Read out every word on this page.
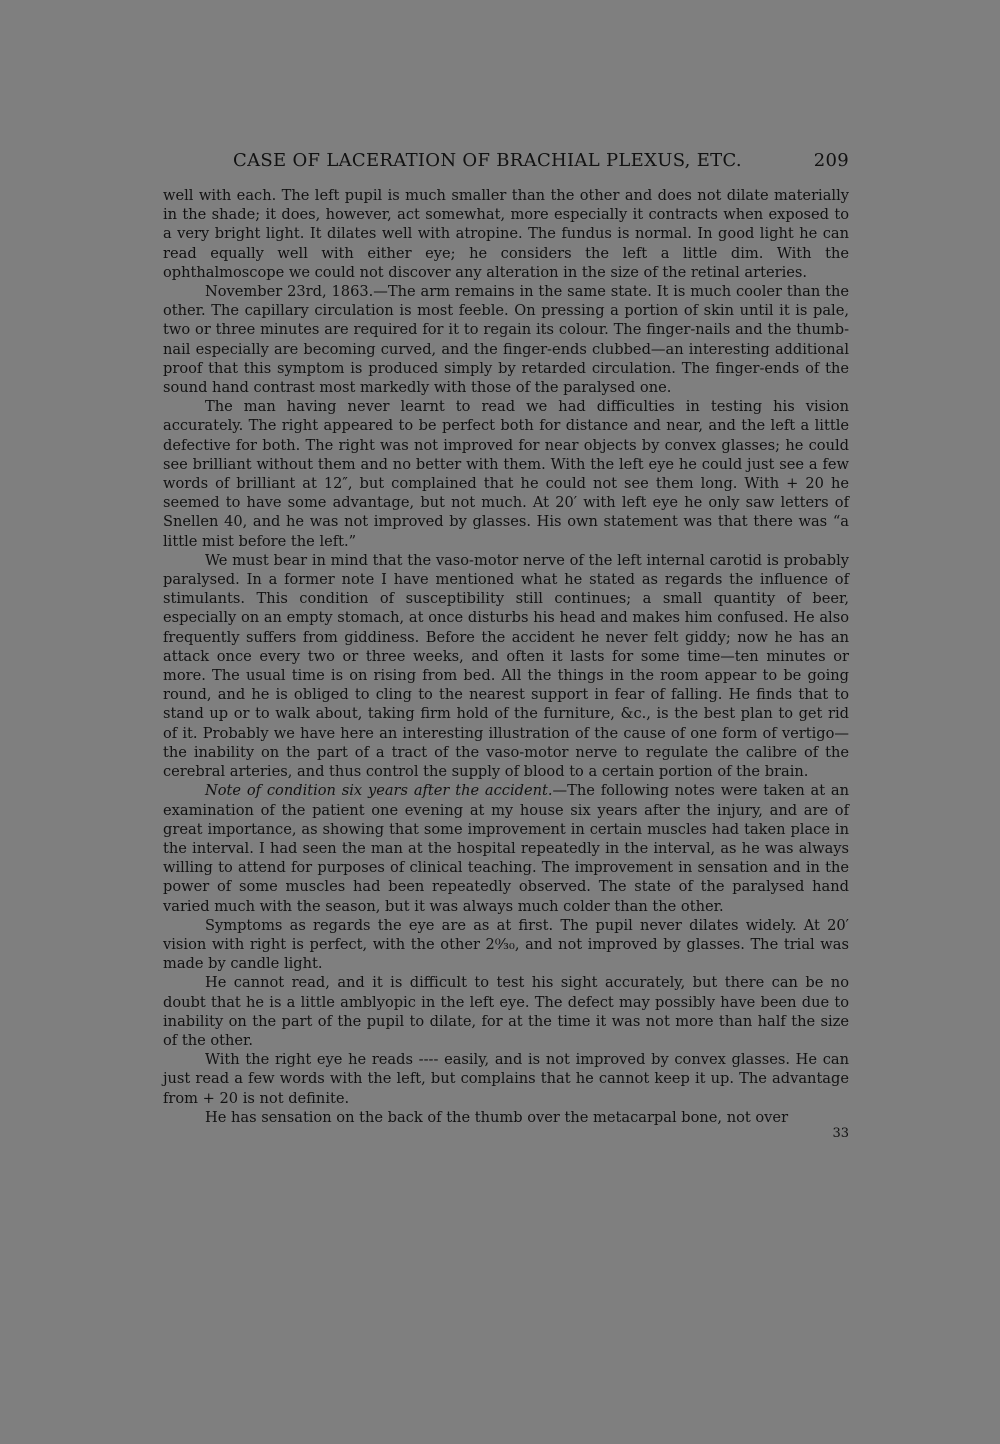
CASE OF LACERATION OF BRACHIAL PLEXUS, ETC.	209

well with each. The left pupil is much smaller than the other and does not dilate materially in the shade; it does, however, act somewhat, more especially it contracts when exposed to a very bright light. It dilates well with atropine. The fundus is normal. In good light he can read equally well with either eye; he considers the left a little dim. With the ophthalmoscope we could not discover any alteration in the size of the retinal arteries.

November 23rd, 1863.—The arm remains in the same state. It is much cooler than the other. The capillary circulation is most feeble. On pressing a portion of skin until it is pale, two or three minutes are required for it to regain its colour. The finger-nails and the thumb-nail especially are becoming curved, and the finger-ends clubbed—an interesting additional proof that this symptom is produced simply by retarded circulation. The finger-ends of the sound hand contrast most markedly with those of the paralysed one.

The man having never learnt to read we had difficulties in testing his vision accurately. The right appeared to be perfect both for distance and near, and the left a little defective for both. The right was not improved for near objects by convex glasses; he could see brilliant without them and no better with them. With the left eye he could just see a few words of brilliant at 12″, but complained that he could not see them long. With + 20 he seemed to have some advantage, but not much. At 20′ with left eye he only saw letters of Snellen 40, and he was not improved by glasses. His own statement was that there was “a little mist before the left.”

We must bear in mind that the vaso-motor nerve of the left internal carotid is probably paralysed. In a former note I have mentioned what he stated as regards the influence of stimulants. This condition of susceptibility still continues; a small quantity of beer, especially on an empty stomach, at once disturbs his head and makes him confused. He also frequently suffers from giddiness. Before the accident he never felt giddy; now he has an attack once every two or three weeks, and often it lasts for some time—ten minutes or more. The usual time is on rising from bed. All the things in the room appear to be going round, and he is obliged to cling to the nearest support in fear of falling. He finds that to stand up or to walk about, taking firm hold of the furniture, &c., is the best plan to get rid of it. Probably we have here an interesting illustration of the cause of one form of vertigo—the inability on the part of a tract of the vaso-motor nerve to regulate the calibre of the cerebral arteries, and thus control the supply of blood to a certain portion of the brain.

Note of condition six years after the accident.—The following notes were taken at an examination of the patient one evening at my house six years after the injury, and are of great importance, as showing that some improvement in certain muscles had taken place in the interval. I had seen the man at the hospital repeatedly in the interval, as he was always willing to attend for purposes of clinical teaching. The improvement in sensation and in the power of some muscles had been repeatedly observed. The state of the paralysed hand varied much with the season, but it was always much colder than the other.

Symptoms as regards the eye are as at first. The pupil never dilates widely. At 20′ vision with right is perfect, with the other 2⁰⁄₃₀, and not improved by glasses. The trial was made by candle light.

He cannot read, and it is difficult to test his sight accurately, but there can be no doubt that he is a little amblyopic in the left eye. The defect may possibly have been due to inability on the part of the pupil to dilate, for at the time it was not more than half the size of the other.

With the right eye he reads ---- easily, and is not improved by convex glasses. He can just read a few words with the left, but complains that he cannot keep it up. The advantage from + 20 is not definite.

He has sensation on the back of the thumb over the metacarpal bone, not over

33
